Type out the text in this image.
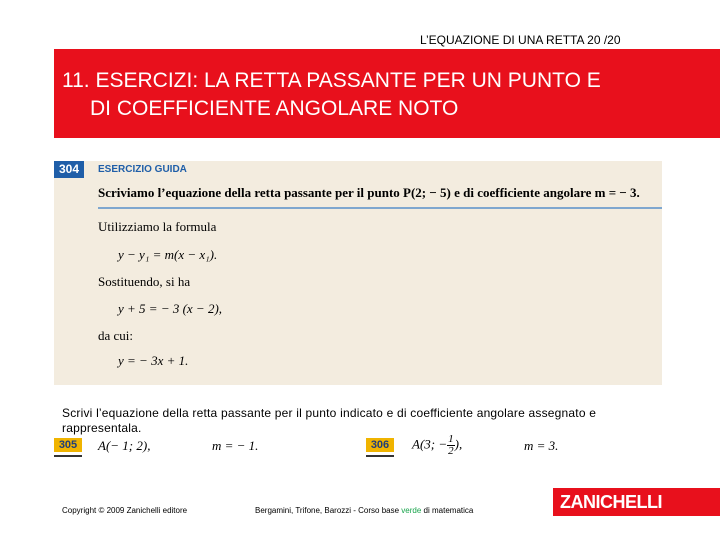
L’EQUAZIONE DI UNA RETTA 20 /20
11. ESERCIZI: LA RETTA PASSANTE PER UN PUNTO E
DI COEFFICIENTE ANGOLARE NOTO
304	ESERCIZIO GUIDA
Scriviamo l’equazione della retta passante per il punto P(2; − 5) e di coefficiente angolare m = − 3.
Utilizziamo la formula
y − y₁ = m(x − x₁).
Sostituendo, si ha
y + 5 = − 3 (x − 2),
da cui:
y = − 3x + 1.
Scrivi l’equazione della retta passante per il punto indicato e di coefficiente angolare assegnato e rappresentala.
305	A(− 1; 2),	m = − 1.	306	A(3; − $\frac{1}{2}$ ),	m = 3.
Copyright © 2009 Zanichelli editore	Bergamini, Trifone, Barozzi - Corso base verde di matematica	ZANICHELLI
